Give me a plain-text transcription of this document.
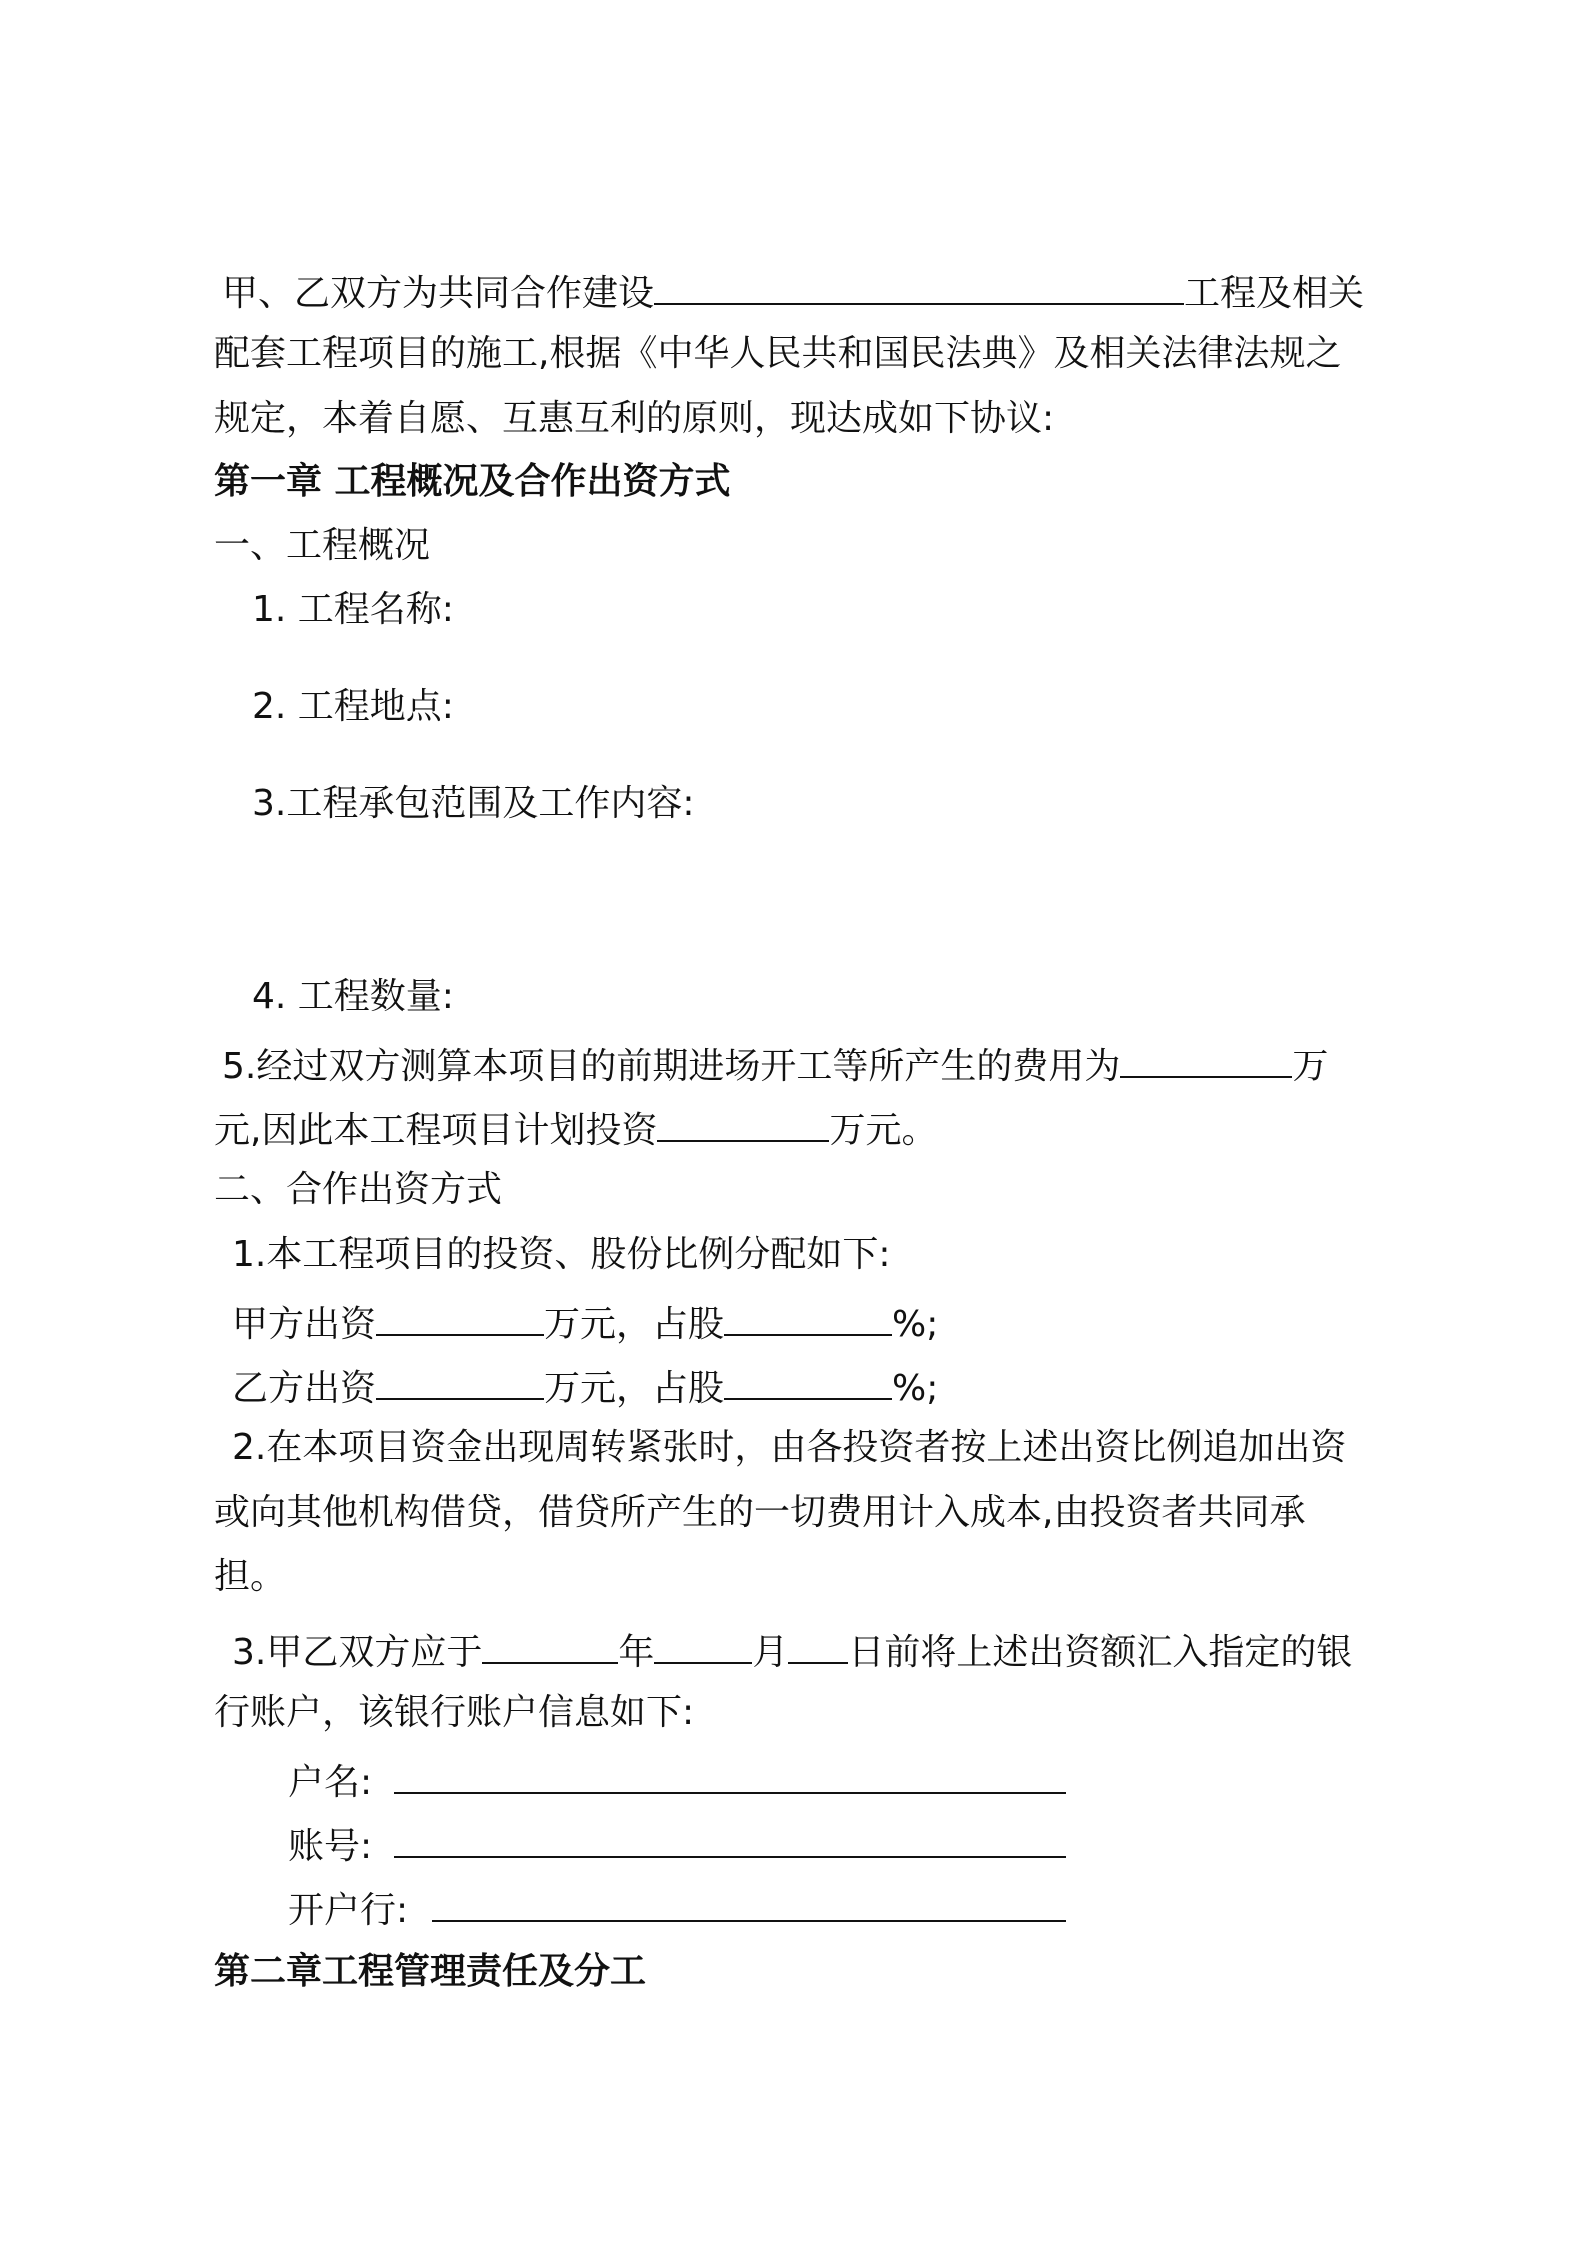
甲、乙双方为共同合作建设	工程及相关
配套工程项目的施工,根据《中华人民共和国民法典》及相关法律法规之
规定，本着自愿、互惠互利的原则，现达成如下协议:
第一章 工程概况及合作出资方式
一、工程概况
1. 工程名称:
2. 工程地点:
3.工程承包范围及工作内容:
4. 工程数量:
5.经过双方测算本项目的前期进场开工等所产生的费用为	万
元,因此本工程项目计划投资	万元。
二、合作出资方式
1.本工程项目的投资、股份比例分配如下:
甲方出资	万元，占股	%;
乙方出资	万元，占股	%;
2.在本项目资金出现周转紧张时，由各投资者按上述出资比例追加出资
或向其他机构借贷，借贷所产生的一切费用计入成本,由投资者共同承
担。
3.甲乙双方应于	年	月 日前将上述出资额汇入指定的银
行账户，该银行账户信息如下:
户名:
账号:
开户行:
第二章工程管理责任及分工
